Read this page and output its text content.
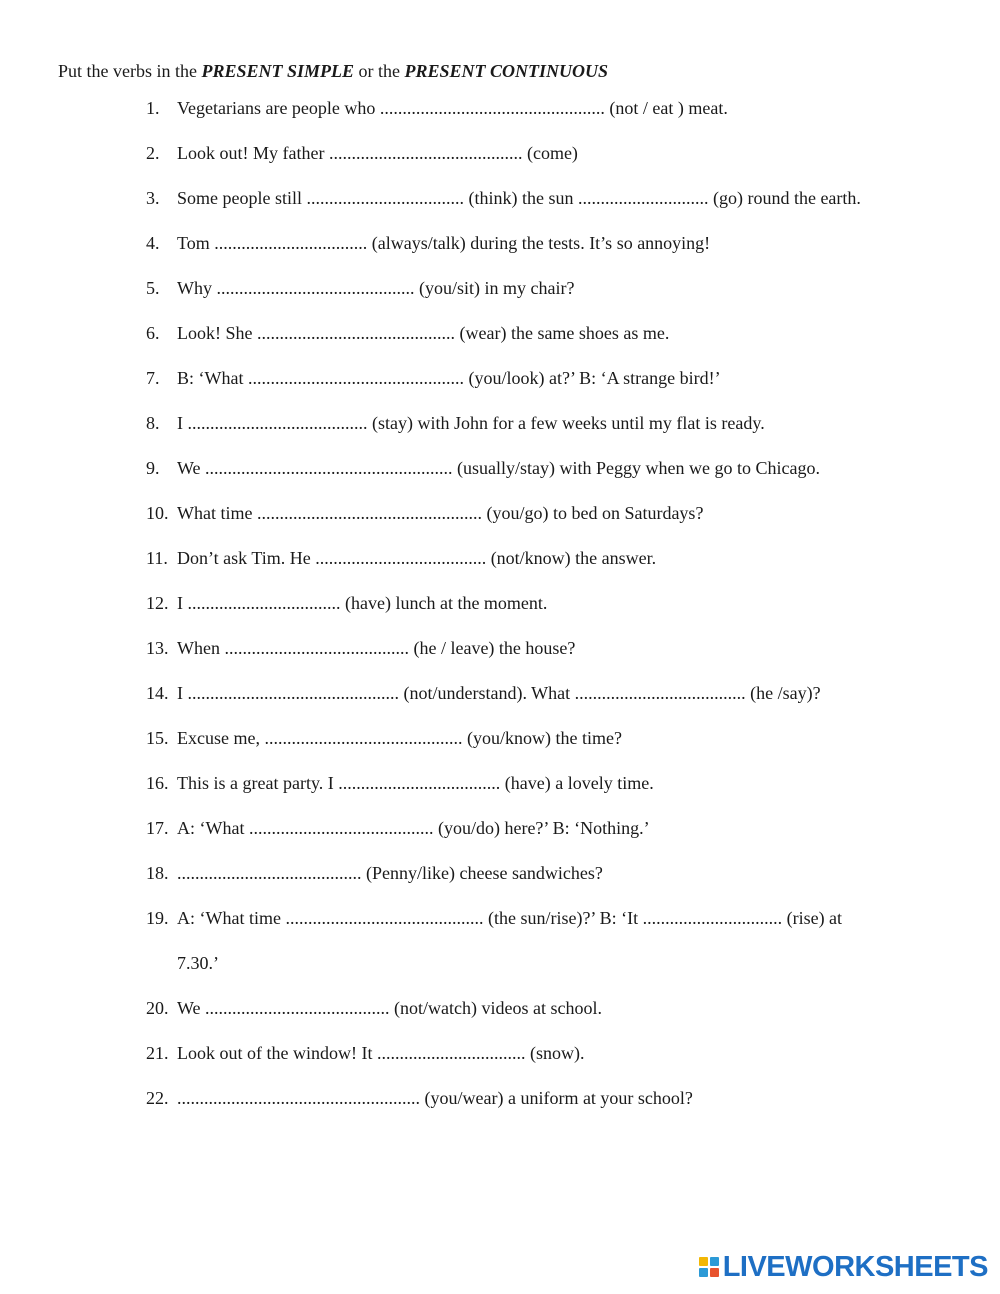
Put the verbs in the PRESENT SIMPLE or the PRESENT CONTINUOUS
1. Vegetarians are people who .................................................. (not / eat ) meat.
2. Look out! My father ........................................... (come)
3. Some people still ................................... (think) the sun ............................. (go) round the earth.
4. Tom .................................. (always/talk) during the tests. It’s so annoying!
5. Why ............................................ (you/sit) in my chair?
6. Look! She ............................................ (wear) the same shoes as me.
7. B: ‘What ................................................ (you/look) at?’ B: ‘A strange bird!’
8. I ........................................ (stay) with John for a few weeks until my flat is ready.
9. We ....................................................... (usually/stay) with Peggy when we go to Chicago.
10. What time .................................................. (you/go) to bed on Saturdays?
11. Don’t ask Tim. He ...................................... (not/know) the answer.
12. I .................................. (have) lunch at the moment.
13. When ......................................... (he / leave) the house?
14. I ............................................... (not/understand). What ...................................... (he /say)?
15. Excuse me, ............................................ (you/know) the time?
16. This is a great party. I .................................... (have) a lovely time.
17. A: ‘What ......................................... (you/do) here?’ B: ‘Nothing.’
18. ......................................... (Penny/like) cheese sandwiches?
19. A: ‘What time ............................................ (the sun/rise)?’ B: ‘It ............................... (rise) at
7.30.’
20. We ......................................... (not/watch) videos at school.
21. Look out of the window! It ................................. (snow).
22. ...................................................... (you/wear) a uniform at your school?
LIVEWORKSHEETS
